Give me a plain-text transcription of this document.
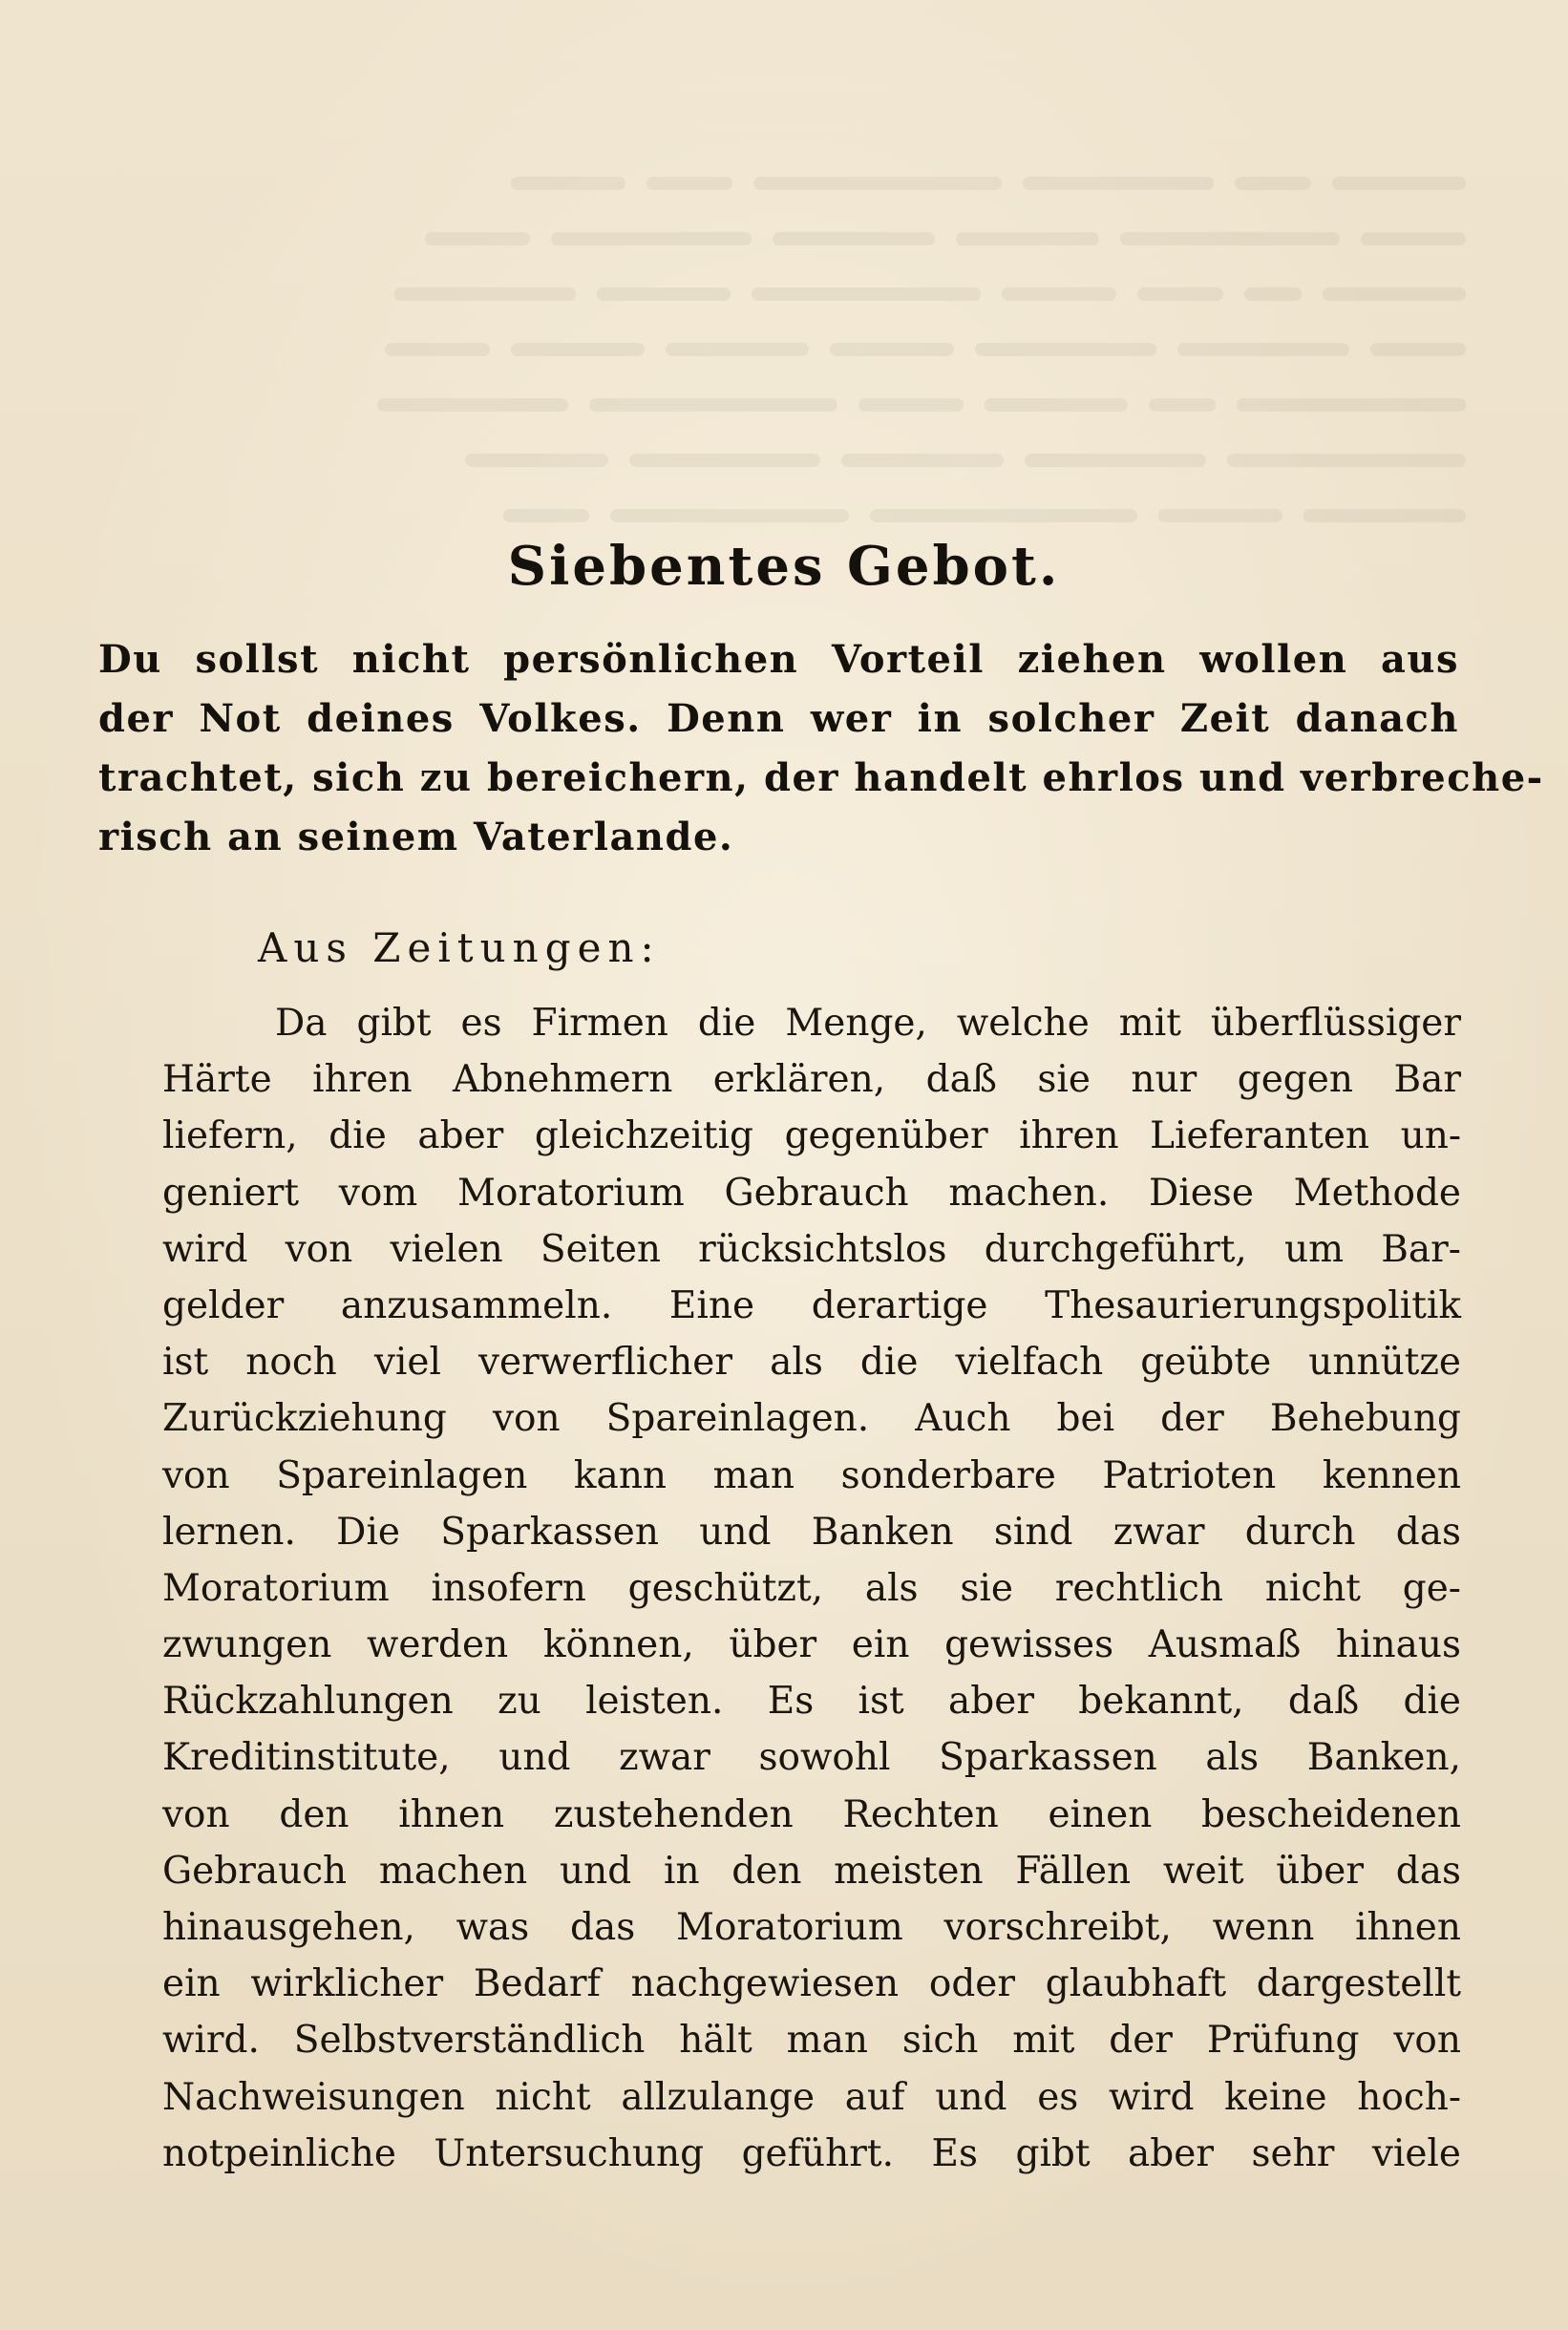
Siebentes Gebot.
Du sollst nicht persönlichen Vorteil ziehen wollen aus
der Not deines Volkes. Denn wer in solcher Zeit danach
trachtet, sich zu bereichern, der handelt ehrlos und verbreche-
risch an seinem Vaterlande.
Aus Zeitungen:
Da gibt es Firmen die Menge, welche mit überflüssiger
Härte ihren Abnehmern erklären, daß sie nur gegen Bar
liefern, die aber gleichzeitig gegenüber ihren Lieferanten un-
geniert vom Moratorium Gebrauch machen. Diese Methode
wird von vielen Seiten rücksichtslos durchgeführt, um Bar-
gelder anzusammeln. Eine derartige Thesaurierungspolitik
ist noch viel verwerflicher als die vielfach geübte unnütze
Zurückziehung von Spareinlagen. Auch bei der Behebung
von Spareinlagen kann man sonderbare Patrioten kennen
lernen. Die Sparkassen und Banken sind zwar durch das
Moratorium insofern geschützt, als sie rechtlich nicht ge-
zwungen werden können, über ein gewisses Ausmaß hinaus
Rückzahlungen zu leisten. Es ist aber bekannt, daß die
Kreditinstitute, und zwar sowohl Sparkassen als Banken,
von den ihnen zustehenden Rechten einen bescheidenen
Gebrauch machen und in den meisten Fällen weit über das
hinausgehen, was das Moratorium vorschreibt, wenn ihnen
ein wirklicher Bedarf nachgewiesen oder glaubhaft dargestellt
wird. Selbstverständlich hält man sich mit der Prüfung von
Nachweisungen nicht allzulange auf und es wird keine hoch-
notpeinliche Untersuchung geführt. Es gibt aber sehr viele
